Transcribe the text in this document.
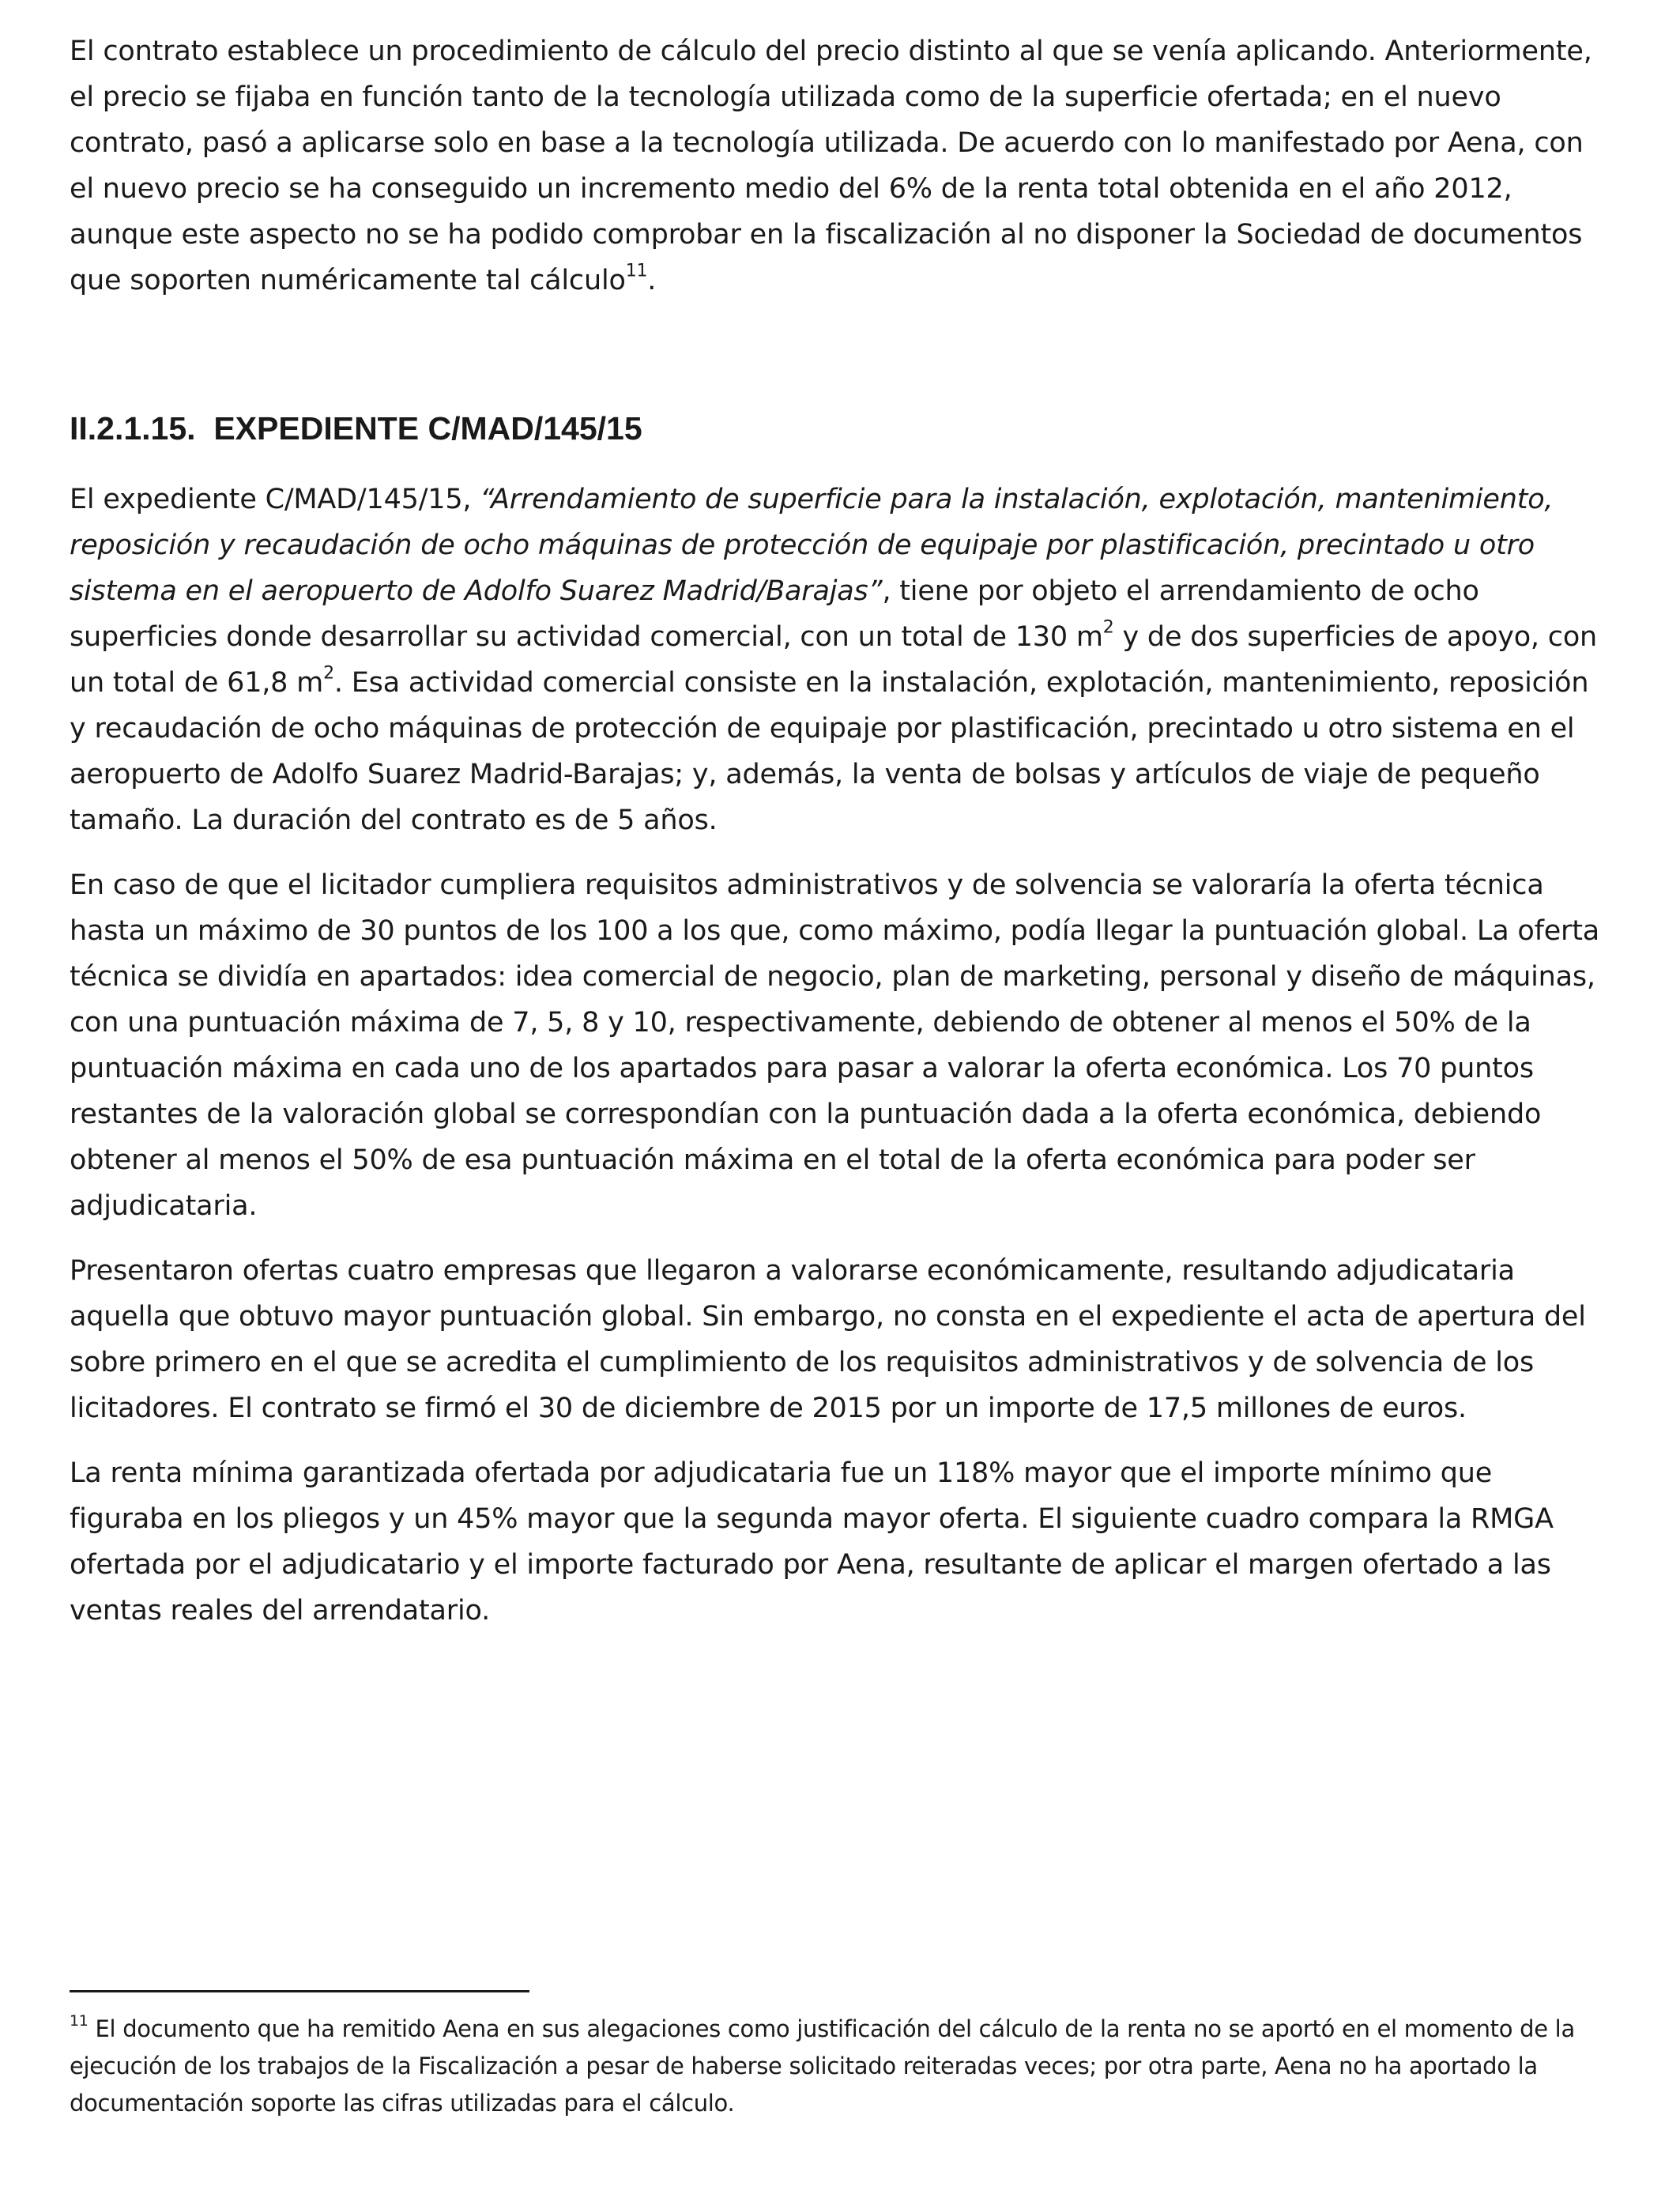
El contrato establece un procedimiento de cálculo del precio distinto al que se venía aplicando. Anteriormente, el precio se fijaba en función tanto de la tecnología utilizada como de la superficie ofertada; en el nuevo contrato, pasó a aplicarse solo en base a la tecnología utilizada. De acuerdo con lo manifestado por Aena, con el nuevo precio se ha conseguido un incremento medio del 6% de la renta total obtenida en el año 2012, aunque este aspecto no se ha podido comprobar en la fiscalización al no disponer la Sociedad de documentos que soporten numéricamente tal cálculo$^{11}$.

II.2.1.15.  EXPEDIENTE C/MAD/145/15

El expediente C/MAD/145/15, “Arrendamiento de superficie para la instalación, explotación, mantenimiento, reposición y recaudación de ocho máquinas de protección de equipaje por plastificación, precintado u otro sistema en el aeropuerto de Adolfo Suarez Madrid/Barajas”, tiene por objeto el arrendamiento de ocho superficies donde desarrollar su actividad comercial, con un total de 130 $m^2$ y de dos superficies de apoyo, con un total de 61,8 $m^2$. Esa actividad comercial consiste en la instalación, explotación, mantenimiento, reposición y recaudación de ocho máquinas de protección de equipaje por plastificación, precintado u otro sistema en el aeropuerto de Adolfo Suarez Madrid-Barajas; y, además, la venta de bolsas y artículos de viaje de pequeño tamaño. La duración del contrato es de 5 años.

En caso de que el licitador cumpliera requisitos administrativos y de solvencia se valoraría la oferta técnica hasta un máximo de 30 puntos de los 100 a los que, como máximo, podía llegar la puntuación global. La oferta técnica se dividía en apartados: idea comercial de negocio, plan de marketing, personal y diseño de máquinas, con una puntuación máxima de 7, 5, 8 y 10, respectivamente, debiendo de obtener al menos el 50% de la puntuación máxima en cada uno de los apartados para pasar a valorar la oferta económica. Los 70 puntos restantes de la valoración global se correspondían con la puntuación dada a la oferta económica, debiendo obtener al menos el 50% de esa puntuación máxima en el total de la oferta económica para poder ser adjudicataria.

Presentaron ofertas cuatro empresas que llegaron a valorarse económicamente, resultando adjudicataria aquella que obtuvo mayor puntuación global. Sin embargo, no consta en el expediente el acta de apertura del sobre primero en el que se acredita el cumplimiento de los requisitos administrativos y de solvencia de los licitadores. El contrato se firmó el 30 de diciembre de 2015 por un importe de 17,5 millones de euros.

La renta mínima garantizada ofertada por adjudicataria fue un 118% mayor que el importe mínimo que figuraba en los pliegos y un 45% mayor que la segunda mayor oferta. El siguiente cuadro compara la RMGA ofertada por el adjudicatario y el importe facturado por Aena, resultante de aplicar el margen ofertado a las ventas reales del arrendatario.

$^{11}$ El documento que ha remitido Aena en sus alegaciones como justificación del cálculo de la renta no se aportó en el momento de la ejecución de los trabajos de la Fiscalización a pesar de haberse solicitado reiteradas veces; por otra parte, Aena no ha aportado la documentación soporte las cifras utilizadas para el cálculo.
